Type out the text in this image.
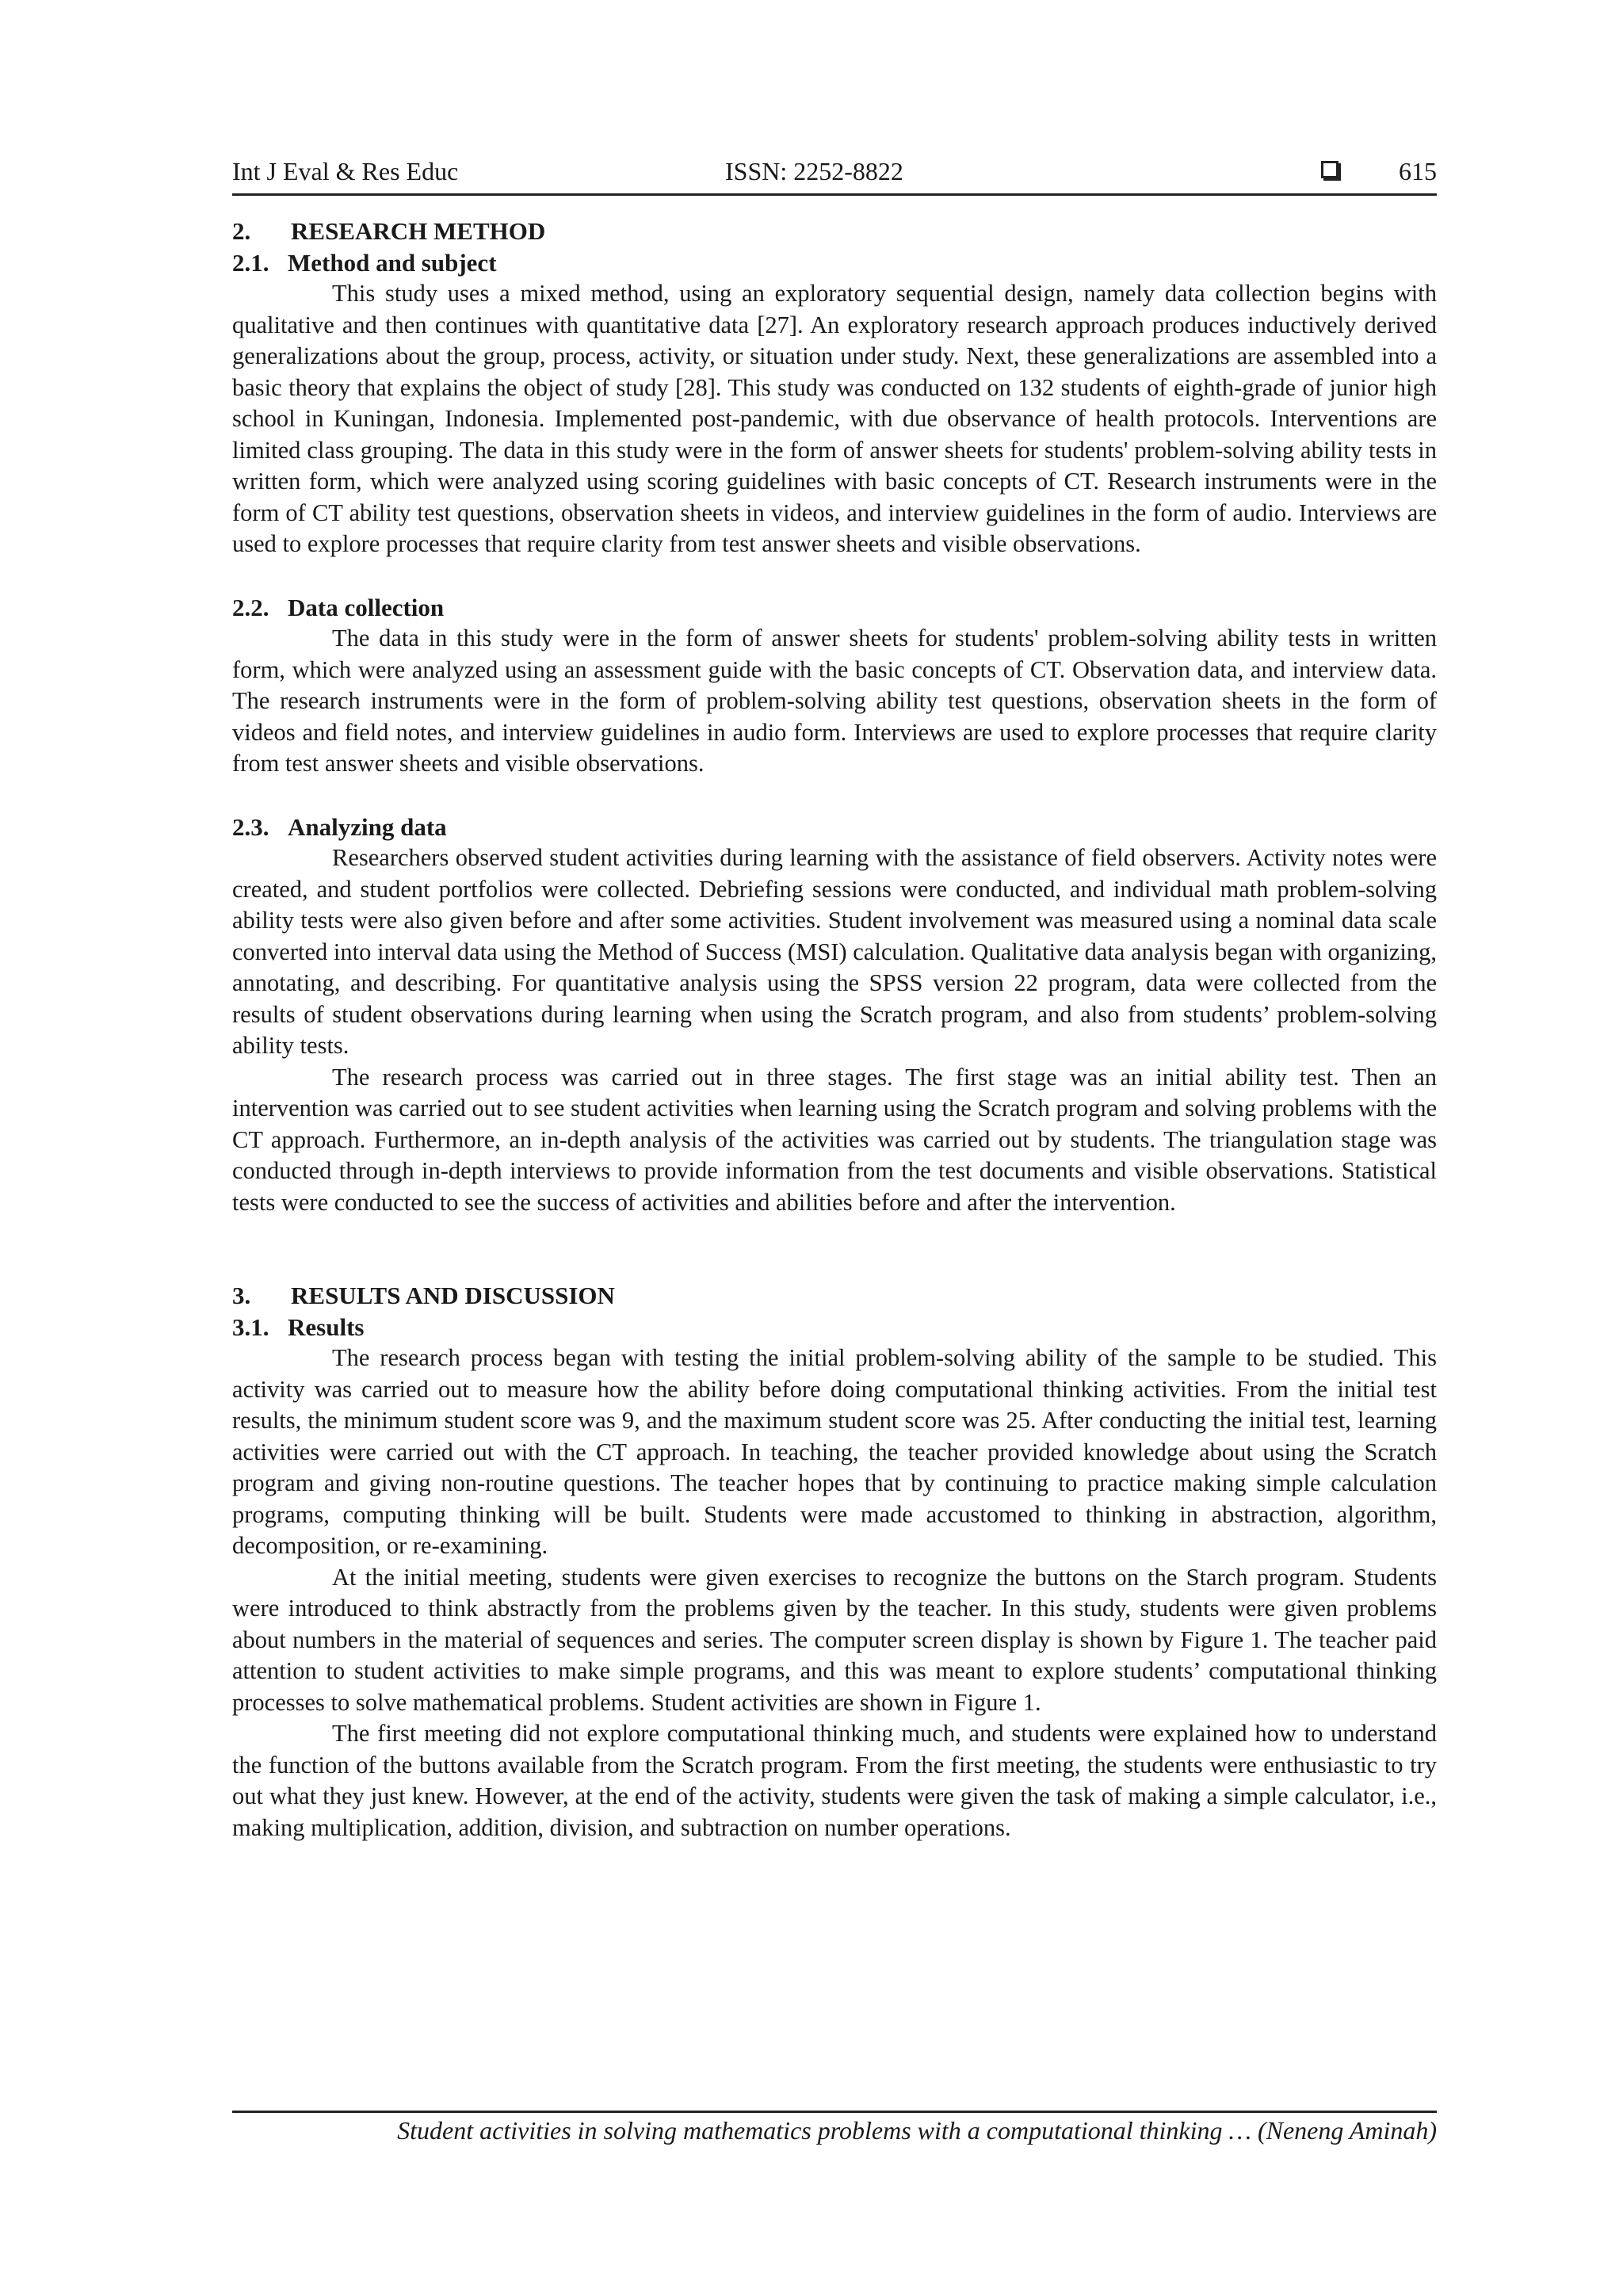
Int J Eval & Res Educ	ISSN: 2252-8822	615
2. RESEARCH METHOD
2.1. Method and subject

This study uses a mixed method, using an exploratory sequential design, namely data collection begins with qualitative and then continues with quantitative data [27]. An exploratory research approach produces inductively derived generalizations about the group, process, activity, or situation under study. Next, these generalizations are assembled into a basic theory that explains the object of study [28]. This study was conducted on 132 students of eighth-grade of junior high school in Kuningan, Indonesia. Implemented post-pandemic, with due observance of health protocols. Interventions are limited class grouping. The data in this study were in the form of answer sheets for students' problem-solving ability tests in written form, which were analyzed using scoring guidelines with basic concepts of CT. Research instruments were in the form of CT ability test questions, observation sheets in videos, and interview guidelines in the form of audio. Interviews are used to explore processes that require clarity from test answer sheets and visible observations.

2.2. Data collection

The data in this study were in the form of answer sheets for students' problem-solving ability tests in written form, which were analyzed using an assessment guide with the basic concepts of CT. Observation data, and interview data. The research instruments were in the form of problem-solving ability test questions, observation sheets in the form of videos and field notes, and interview guidelines in audio form. Interviews are used to explore processes that require clarity from test answer sheets and visible observations.

2.3. Analyzing data

Researchers observed student activities during learning with the assistance of field observers. Activity notes were created, and student portfolios were collected. Debriefing sessions were conducted, and individual math problem-solving ability tests were also given before and after some activities. Student involvement was measured using a nominal data scale converted into interval data using the Method of Success (MSI) calculation. Qualitative data analysis began with organizing, annotating, and describing. For quantitative analysis using the SPSS version 22 program, data were collected from the results of student observations during learning when using the Scratch program, and also from students’ problem-solving ability tests.

The research process was carried out in three stages. The first stage was an initial ability test. Then an intervention was carried out to see student activities when learning using the Scratch program and solving problems with the CT approach. Furthermore, an in-depth analysis of the activities was carried out by students. The triangulation stage was conducted through in-depth interviews to provide information from the test documents and visible observations. Statistical tests were conducted to see the success of activities and abilities before and after the intervention.

3. RESULTS AND DISCUSSION
3.1. Results

The research process began with testing the initial problem-solving ability of the sample to be studied. This activity was carried out to measure how the ability before doing computational thinking activities. From the initial test results, the minimum student score was 9, and the maximum student score was 25. After conducting the initial test, learning activities were carried out with the CT approach. In teaching, the teacher provided knowledge about using the Scratch program and giving non-routine questions. The teacher hopes that by continuing to practice making simple calculation programs, computing thinking will be built. Students were made accustomed to thinking in abstraction, algorithm, decomposition, or re-examining.

At the initial meeting, students were given exercises to recognize the buttons on the Starch program. Students were introduced to think abstractly from the problems given by the teacher. In this study, students were given problems about numbers in the material of sequences and series. The computer screen display is shown by Figure 1. The teacher paid attention to student activities to make simple programs, and this was meant to explore students’ computational thinking processes to solve mathematical problems. Student activities are shown in Figure 1.

The first meeting did not explore computational thinking much, and students were explained how to understand the function of the buttons available from the Scratch program. From the first meeting, the students were enthusiastic to try out what they just knew. However, at the end of the activity, students were given the task of making a simple calculator, i.e., making multiplication, addition, division, and subtraction on number operations.

Student activities in solving mathematics problems with a computational thinking … (Neneng Aminah)
